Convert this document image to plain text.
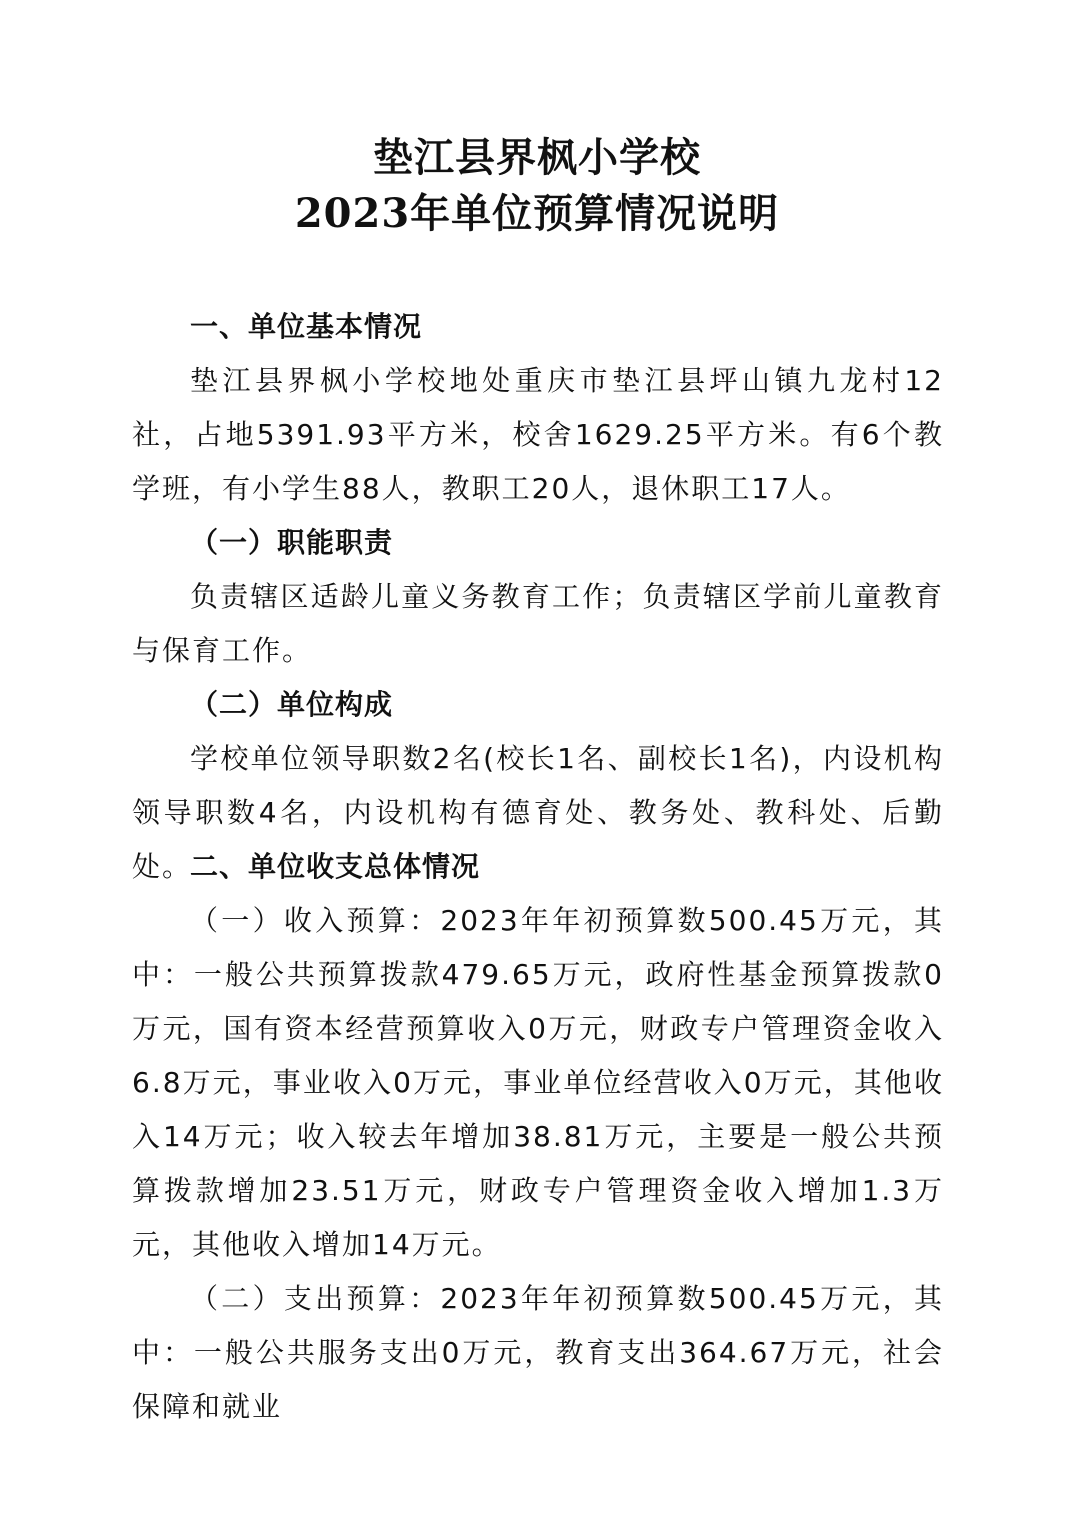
垫江县界枫小学校
2023年单位预算情况说明

一、单位基本情况

垫江县界枫小学校地处重庆市垫江县坪山镇九龙村12社，占地5391.93平方米，校舍1629.25平方米。有6个教学班，有小学生88人，教职工20人，退休职工17人。

（一）职能职责

负责辖区适龄儿童义务教育工作；负责辖区学前儿童教育与保育工作。

（二）单位构成

学校单位领导职数2名(校长1名、副校长1名)，内设机构领导职数4名，内设机构有德育处、教务处、教科处、后勤处。

二、单位收支总体情况

（一）收入预算：2023年年初预算数500.45万元，其中：一般公共预算拨款479.65万元，政府性基金预算拨款0万元，国有资本经营预算收入0万元，财政专户管理资金收入6.8万元，事业收入0万元，事业单位经营收入0万元，其他收入14万元；收入较去年增加38.81万元，主要是一般公共预算拨款增加23.51万元，财政专户管理资金收入增加1.3万元，其他收入增加14万元。

（二）支出预算：2023年年初预算数500.45万元，其中：一般公共服务支出0万元，教育支出364.67万元，社会保障和就业
